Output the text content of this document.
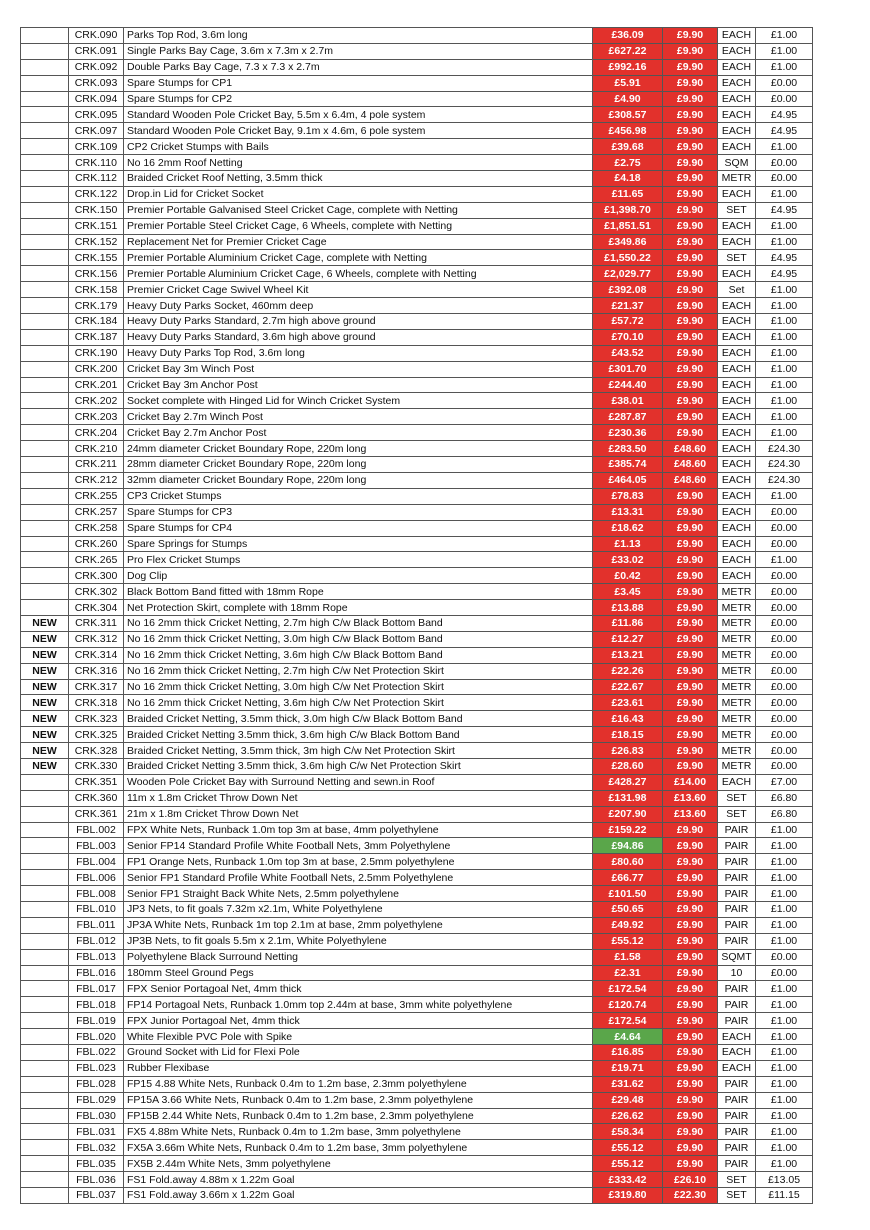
	CRK.090	Parks Top Rod, 3.6m long	£36.09	£9.90	EACH	£1.00
	CRK.091	Single Parks Bay Cage, 3.6m x 7.3m x 2.7m	£627.22	£9.90	EACH	£1.00
	CRK.092	Double Parks Bay Cage, 7.3 x 7.3 x 2.7m	£992.16	£9.90	EACH	£1.00
	CRK.093	Spare Stumps for CP1	£5.91	£9.90	EACH	£0.00
	CRK.094	Spare Stumps for CP2	£4.90	£9.90	EACH	£0.00
	CRK.095	Standard Wooden Pole Cricket Bay, 5.5m x 6.4m, 4 pole system	£308.57	£9.90	EACH	£4.95
	CRK.097	Standard Wooden Pole Cricket Bay, 9.1m x 4.6m, 6 pole system	£456.98	£9.90	EACH	£4.95
	CRK.109	CP2 Cricket Stumps with Bails	£39.68	£9.90	EACH	£1.00
	CRK.110	No 16 2mm Roof Netting	£2.75	£9.90	SQM	£0.00
	CRK.112	Braided Cricket Roof Netting, 3.5mm thick	£4.18	£9.90	METR	£0.00
	CRK.122	Drop.in Lid for Cricket Socket	£11.65	£9.90	EACH	£1.00
	CRK.150	Premier Portable Galvanised Steel Cricket Cage, complete with Netting	£1,398.70	£9.90	SET	£4.95
	CRK.151	Premier Portable Steel Cricket Cage, 6 Wheels, complete with Netting	£1,851.51	£9.90	EACH	£1.00
	CRK.152	Replacement Net for Premier Cricket Cage	£349.86	£9.90	EACH	£1.00
	CRK.155	Premier Portable Aluminium Cricket Cage, complete with Netting	£1,550.22	£9.90	SET	£4.95
	CRK.156	Premier Portable Aluminium Cricket Cage, 6 Wheels, complete with Netting	£2,029.77	£9.90	EACH	£4.95
	CRK.158	Premier Cricket Cage Swivel Wheel Kit	£392.08	£9.90	Set	£1.00
	CRK.179	Heavy Duty Parks Socket, 460mm deep	£21.37	£9.90	EACH	£1.00
	CRK.184	Heavy Duty Parks Standard, 2.7m high above ground	£57.72	£9.90	EACH	£1.00
	CRK.187	Heavy Duty Parks Standard, 3.6m high above ground	£70.10	£9.90	EACH	£1.00
	CRK.190	Heavy Duty Parks Top Rod, 3.6m long	£43.52	£9.90	EACH	£1.00
	CRK.200	Cricket Bay 3m Winch Post	£301.70	£9.90	EACH	£1.00
	CRK.201	Cricket Bay 3m Anchor Post	£244.40	£9.90	EACH	£1.00
	CRK.202	Socket complete with Hinged Lid for Winch Cricket System	£38.01	£9.90	EACH	£1.00
	CRK.203	Cricket Bay 2.7m Winch Post	£287.87	£9.90	EACH	£1.00
	CRK.204	Cricket Bay 2.7m Anchor Post	£230.36	£9.90	EACH	£1.00
	CRK.210	24mm diameter Cricket Boundary Rope, 220m long	£283.50	£48.60	EACH	£24.30
	CRK.211	28mm diameter Cricket Boundary Rope, 220m long	£385.74	£48.60	EACH	£24.30
	CRK.212	32mm diameter Cricket Boundary Rope, 220m long	£464.05	£48.60	EACH	£24.30
	CRK.255	CP3 Cricket Stumps	£78.83	£9.90	EACH	£1.00
	CRK.257	Spare Stumps for CP3	£13.31	£9.90	EACH	£0.00
	CRK.258	Spare Stumps for CP4	£18.62	£9.90	EACH	£0.00
	CRK.260	Spare Springs for Stumps	£1.13	£9.90	EACH	£0.00
	CRK.265	Pro Flex Cricket Stumps	£33.02	£9.90	EACH	£1.00
	CRK.300	Dog Clip	£0.42	£9.90	EACH	£0.00
	CRK.302	Black Bottom Band fitted with 18mm Rope	£3.45	£9.90	METR	£0.00
	CRK.304	Net Protection Skirt, complete with 18mm Rope	£13.88	£9.90	METR	£0.00
NEW	CRK.311	No 16 2mm thick Cricket Netting, 2.7m high C/w Black Bottom Band	£11.86	£9.90	METR	£0.00
NEW	CRK.312	No 16 2mm thick Cricket Netting, 3.0m high C/w Black Bottom Band	£12.27	£9.90	METR	£0.00
NEW	CRK.314	No 16 2mm thick Cricket Netting, 3.6m high C/w Black Bottom Band	£13.21	£9.90	METR	£0.00
NEW	CRK.316	No 16 2mm thick Cricket Netting, 2.7m high C/w Net Protection Skirt	£22.26	£9.90	METR	£0.00
NEW	CRK.317	No 16 2mm thick Cricket Netting, 3.0m high C/w Net Protection Skirt	£22.67	£9.90	METR	£0.00
NEW	CRK.318	No 16 2mm thick Cricket Netting, 3.6m high C/w Net Protection Skirt	£23.61	£9.90	METR	£0.00
NEW	CRK.323	Braided Cricket Netting, 3.5mm thick, 3.0m high C/w Black Bottom Band	£16.43	£9.90	METR	£0.00
NEW	CRK.325	Braided Cricket Netting 3.5mm thick, 3.6m high C/w Black Bottom Band	£18.15	£9.90	METR	£0.00
NEW	CRK.328	Braided Cricket Netting, 3.5mm thick, 3m high C/w Net Protection Skirt	£26.83	£9.90	METR	£0.00
NEW	CRK.330	Braided Cricket Netting 3.5mm thick, 3.6m high C/w Net Protection Skirt	£28.60	£9.90	METR	£0.00
	CRK.351	Wooden Pole Cricket Bay with Surround Netting and sewn.in Roof	£428.27	£14.00	EACH	£7.00
	CRK.360	11m x 1.8m Cricket Throw Down Net	£131.98	£13.60	SET	£6.80
	CRK.361	21m x 1.8m Cricket Throw Down Net	£207.90	£13.60	SET	£6.80
	FBL.002	FPX White Nets, Runback 1.0m top 3m at base, 4mm polyethylene	£159.22	£9.90	PAIR	£1.00
	FBL.003	Senior FP14 Standard Profile White Football Nets, 3mm Polyethylene	£94.86	£9.90	PAIR	£1.00
	FBL.004	FP1 Orange Nets, Runback 1.0m top 3m at base, 2.5mm polyethylene	£80.60	£9.90	PAIR	£1.00
	FBL.006	Senior FP1 Standard Profile White Football Nets, 2.5mm Polyethylene	£66.77	£9.90	PAIR	£1.00
	FBL.008	Senior FP1 Straight Back White Nets, 2.5mm polyethylene	£101.50	£9.90	PAIR	£1.00
	FBL.010	JP3 Nets, to fit goals 7.32m x2.1m, White Polyethylene	£50.65	£9.90	PAIR	£1.00
	FBL.011	JP3A White Nets, Runback 1m top 2.1m at base, 2mm polyethylene	£49.92	£9.90	PAIR	£1.00
	FBL.012	JP3B Nets, to fit goals 5.5m x 2.1m, White Polyethylene	£55.12	£9.90	PAIR	£1.00
	FBL.013	Polyethylene Black Surround Netting	£1.58	£9.90	SQMT	£0.00
	FBL.016	180mm Steel Ground Pegs	£2.31	£9.90	10	£0.00
	FBL.017	FPX Senior Portagoal Net, 4mm thick	£172.54	£9.90	PAIR	£1.00
	FBL.018	FP14 Portagoal Nets, Runback 1.0mm top 2.44m at base, 3mm white polyethylene	£120.74	£9.90	PAIR	£1.00
	FBL.019	FPX Junior Portagoal Net, 4mm thick	£172.54	£9.90	PAIR	£1.00
	FBL.020	White Flexible PVC Pole with Spike	£4.64	£9.90	EACH	£1.00
	FBL.022	Ground Socket with Lid for Flexi Pole	£16.85	£9.90	EACH	£1.00
	FBL.023	Rubber Flexibase	£19.71	£9.90	EACH	£1.00
	FBL.028	FP15 4.88 White Nets, Runback 0.4m to 1.2m base, 2.3mm polyethylene	£31.62	£9.90	PAIR	£1.00
	FBL.029	FP15A 3.66 White Nets, Runback 0.4m to 1.2m base, 2.3mm polyethylene	£29.48	£9.90	PAIR	£1.00
	FBL.030	FP15B 2.44 White Nets, Runback 0.4m to 1.2m base, 2.3mm polyethylene	£26.62	£9.90	PAIR	£1.00
	FBL.031	FX5 4.88m White Nets, Runback 0.4m to 1.2m base, 3mm polyethylene	£58.34	£9.90	PAIR	£1.00
	FBL.032	FX5A 3.66m White Nets, Runback 0.4m to 1.2m base, 3mm polyethylene	£55.12	£9.90	PAIR	£1.00
	FBL.035	FX5B 2.44m White Nets, 3mm polyethylene	£55.12	£9.90	PAIR	£1.00
	FBL.036	FS1 Fold.away 4.88m x 1.22m Goal	£333.42	£26.10	SET	£13.05
	FBL.037	FS1 Fold.away 3.66m x 1.22m Goal	£319.80	£22.30	SET	£11.15
